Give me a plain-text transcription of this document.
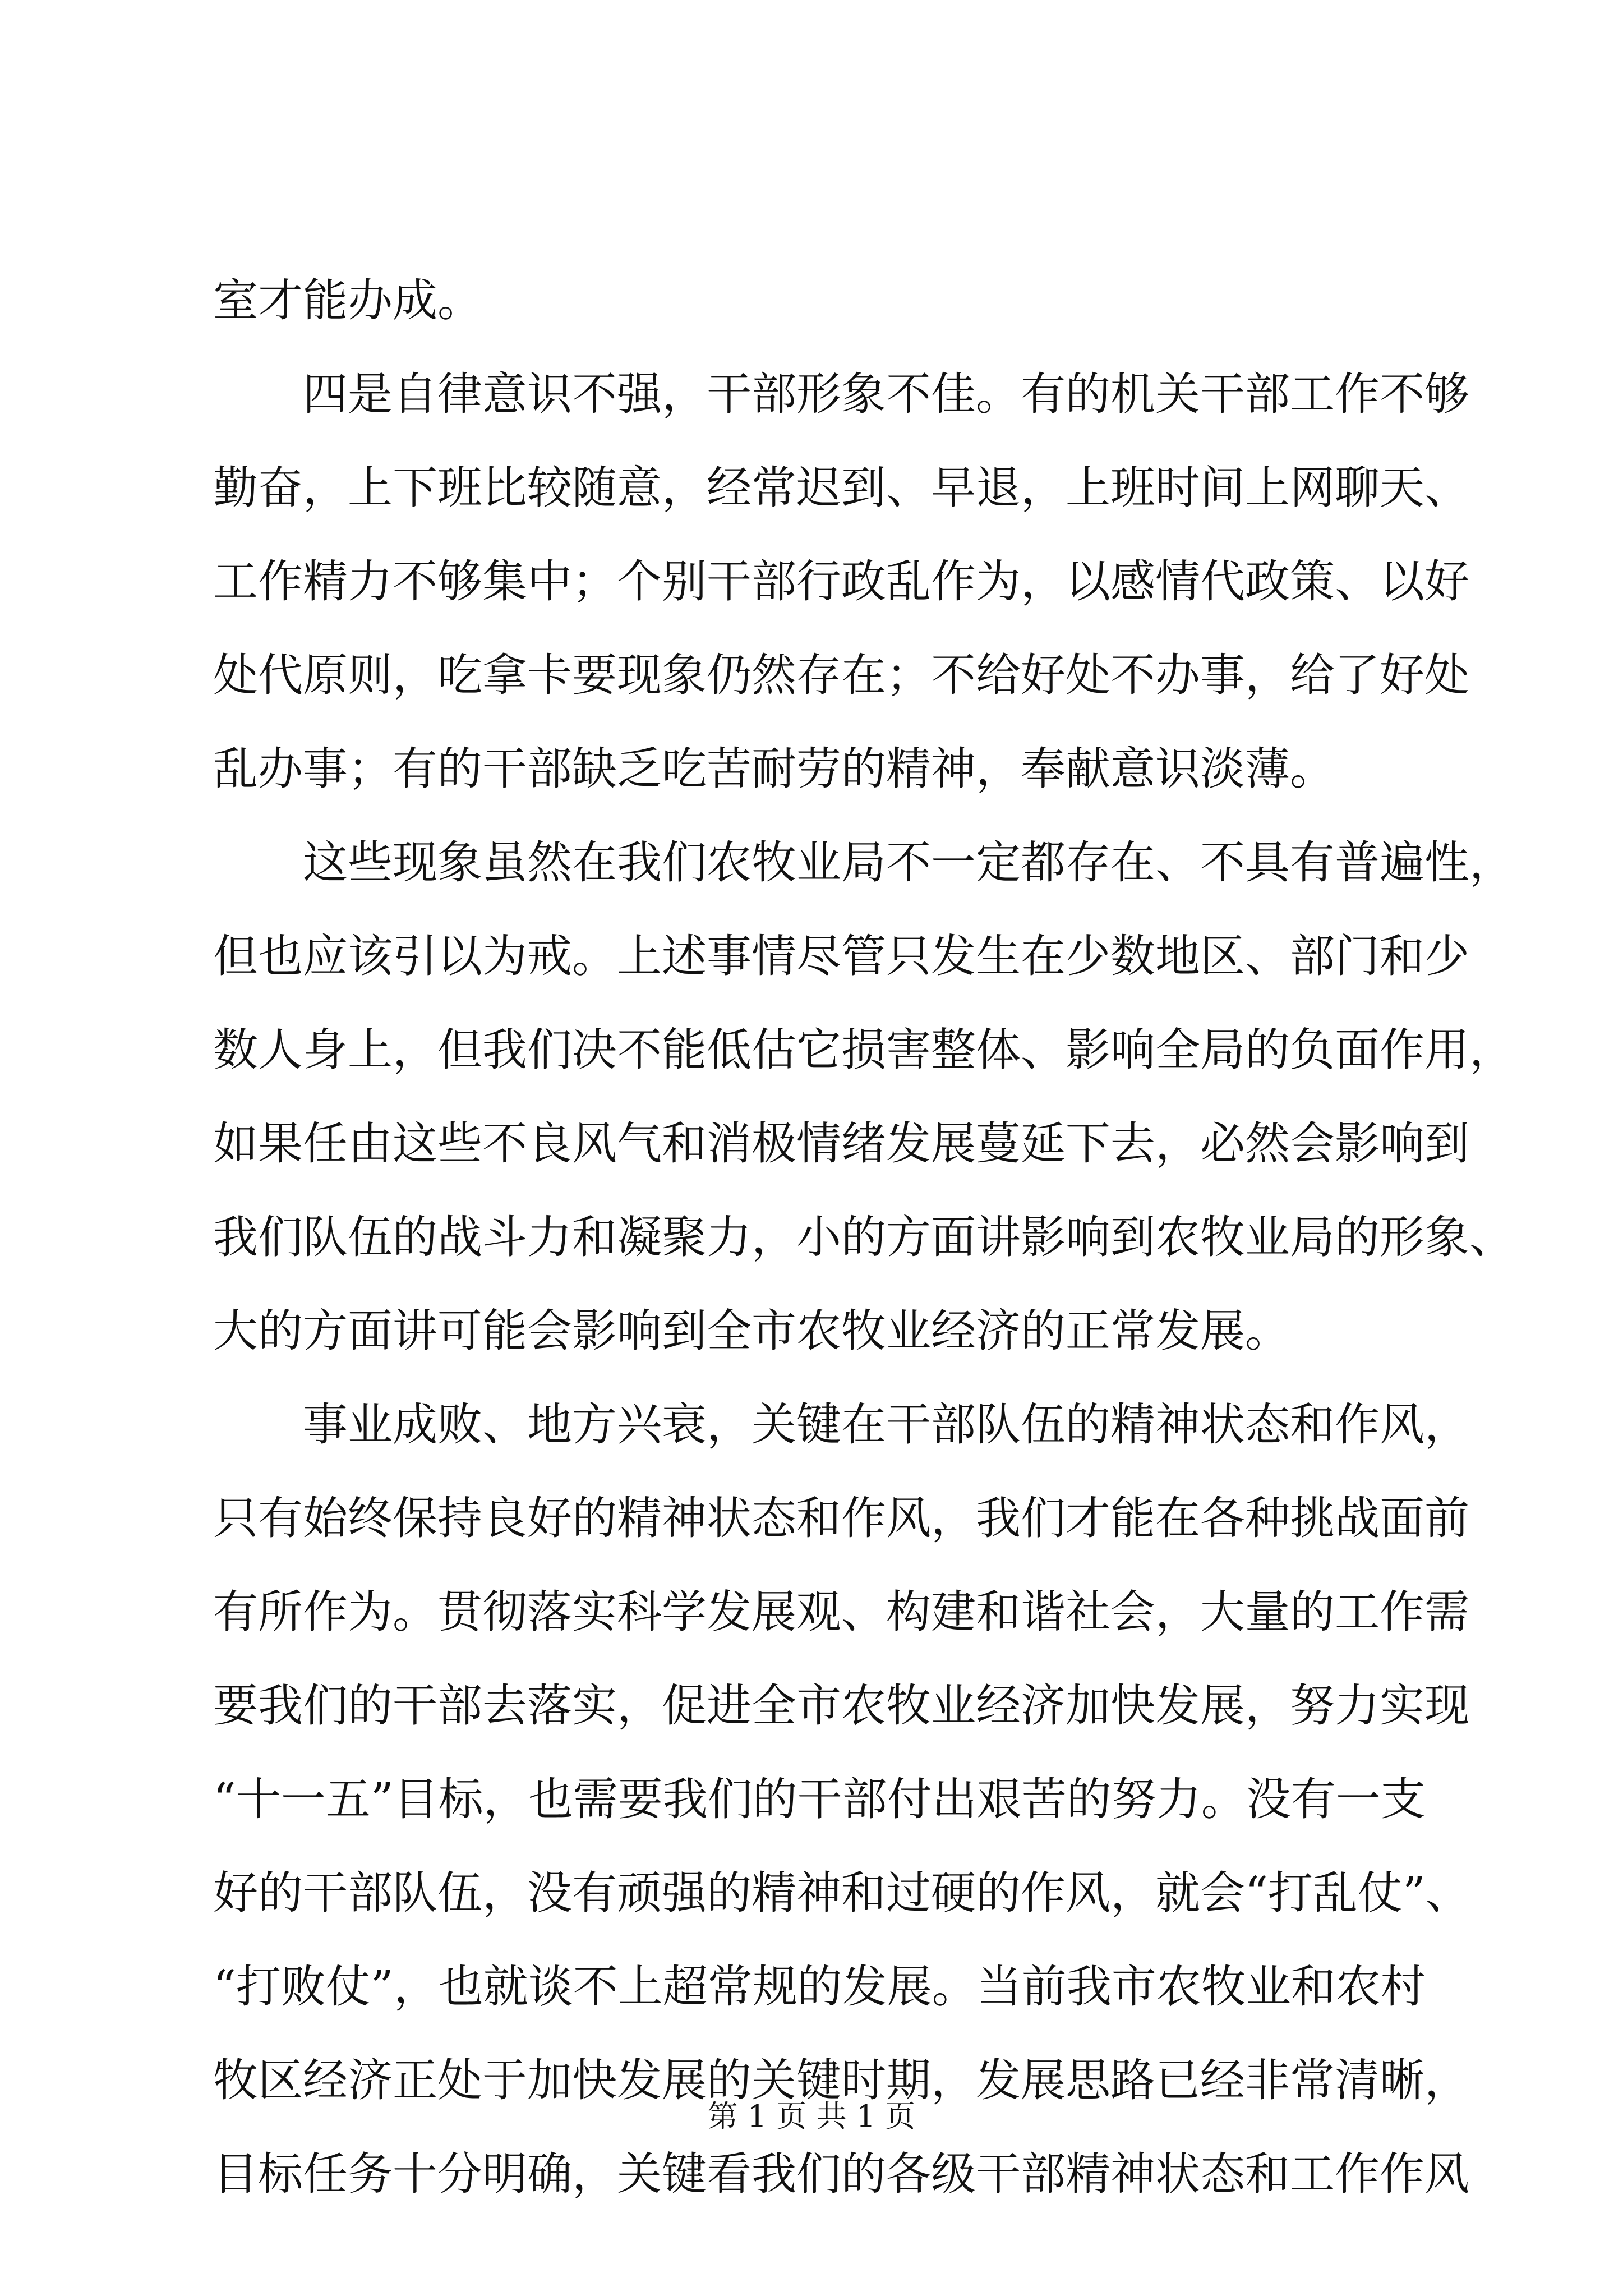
室才能办成。
四是自律意识不强，干部形象不佳。有的机关干部工作不够
勤奋，上下班比较随意，经常迟到、早退，上班时间上网聊天、
工作精力不够集中；个别干部行政乱作为，以感情代政策、以好
处代原则，吃拿卡要现象仍然存在；不给好处不办事，给了好处
乱办事；有的干部缺乏吃苦耐劳的精神，奉献意识淡薄。
这些现象虽然在我们农牧业局不一定都存在、不具有普遍性，
但也应该引以为戒。上述事情尽管只发生在少数地区、部门和少
数人身上，但我们决不能低估它损害整体、影响全局的负面作用，
如果任由这些不良风气和消极情绪发展蔓延下去，必然会影响到
我们队伍的战斗力和凝聚力，小的方面讲影响到农牧业局的形象、
大的方面讲可能会影响到全市农牧业经济的正常发展。
事业成败、地方兴衰，关键在干部队伍的精神状态和作风，
只有始终保持良好的精神状态和作风，我们才能在各种挑战面前
有所作为。贯彻落实科学发展观、构建和谐社会，大量的工作需
要我们的干部去落实，促进全市农牧业经济加快发展，努力实现
“十一五”目标，也需要我们的干部付出艰苦的努力。没有一支
好的干部队伍，没有顽强的精神和过硬的作风，就会“打乱仗”、
“打败仗”，也就谈不上超常规的发展。当前我市农牧业和农村
牧区经济正处于加快发展的关键时期，发展思路已经非常清晰，
目标任务十分明确，关键看我们的各级干部精神状态和工作作风
第 1 页 共 1 页
